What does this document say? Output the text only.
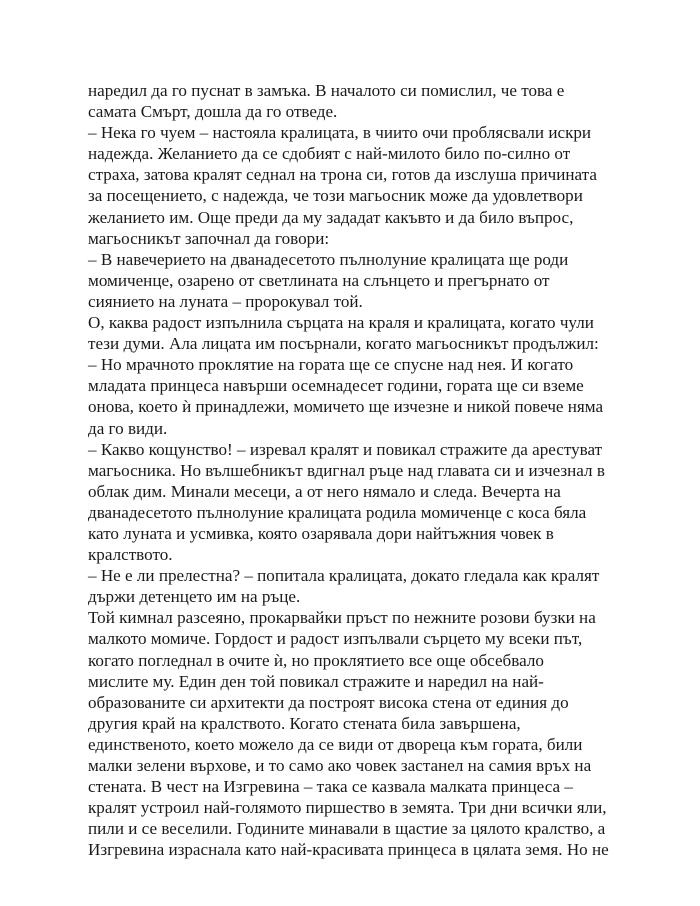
наредил да го пуснат в замъка. В началото си помислил, че това е
самата Смърт, дошла да го отведе.
– Нека го чуем – настояла кралицата, в чиито очи проблясвали искри
надежда. Желанието да се сдобият с най-милото било по-силно от
страха, затова кралят седнал на трона си, готов да изслуша причината
за посещението, с надежда, че този магьосник може да удовлетвори
желанието им. Още преди да му зададат какъвто и да било въпрос,
магьосникът започнал да говори:
– В навечерието на дванадесетото пълнолуние кралицата ще роди
момиченце, озарено от светлината на слънцето и прегърнато от
сиянието на луната – пророкувал той.
О, каква радост изпълнила сърцата на краля и кралицата, когато чули
тези думи. Ала лицата им посърнали, когато магьосникът продължил:
– Но мрачното проклятие на гората ще се спусне над нея. И когато
младата принцеса навърши осемнадесет години, гората ще си вземе
онова, което ѝ принадлежи, момичето ще изчезне и никой повече няма
да го види.
– Какво кощунство! – изревал кралят и повикал стражите да арестуват
магьосника. Но вълшебникът вдигнал ръце над главата си и изчезнал в
облак дим. Минали месеци, а от него нямало и следа. Вечерта на
дванадесетото пълнолуние кралицата родила момиченце с коса бяла
като луната и усмивка, която озарявала дори найтъжния човек в
кралството.
– Не е ли прелестна? – попитала кралицата, докато гледала как кралят
държи детенцето им на ръце.
Той кимнал разсеяно, прокарвайки пръст по нежните розови бузки на
малкото момиче. Гордост и радост изпълвали сърцето му всеки път,
когато погледнал в очите ѝ, но проклятието все още обсебвало
мислите му. Един ден той повикал стражите и наредил на най-
образованите си архитекти да построят висока стена от единия до
другия край на кралството. Когато стената била завършена,
единственото, което можело да се види от двореца към гората, били
малки зелени върхове, и то само ако човек застанел на самия връх на
стената. В чест на Изгревина – така се казвала малката принцеса –
кралят устроил най-голямото пиршество в земята. Три дни всички яли,
пили и се веселили. Годините минавали в щастие за цялото кралство, а
Изгревина израснала като най-красивата принцеса в цялата земя. Но не
